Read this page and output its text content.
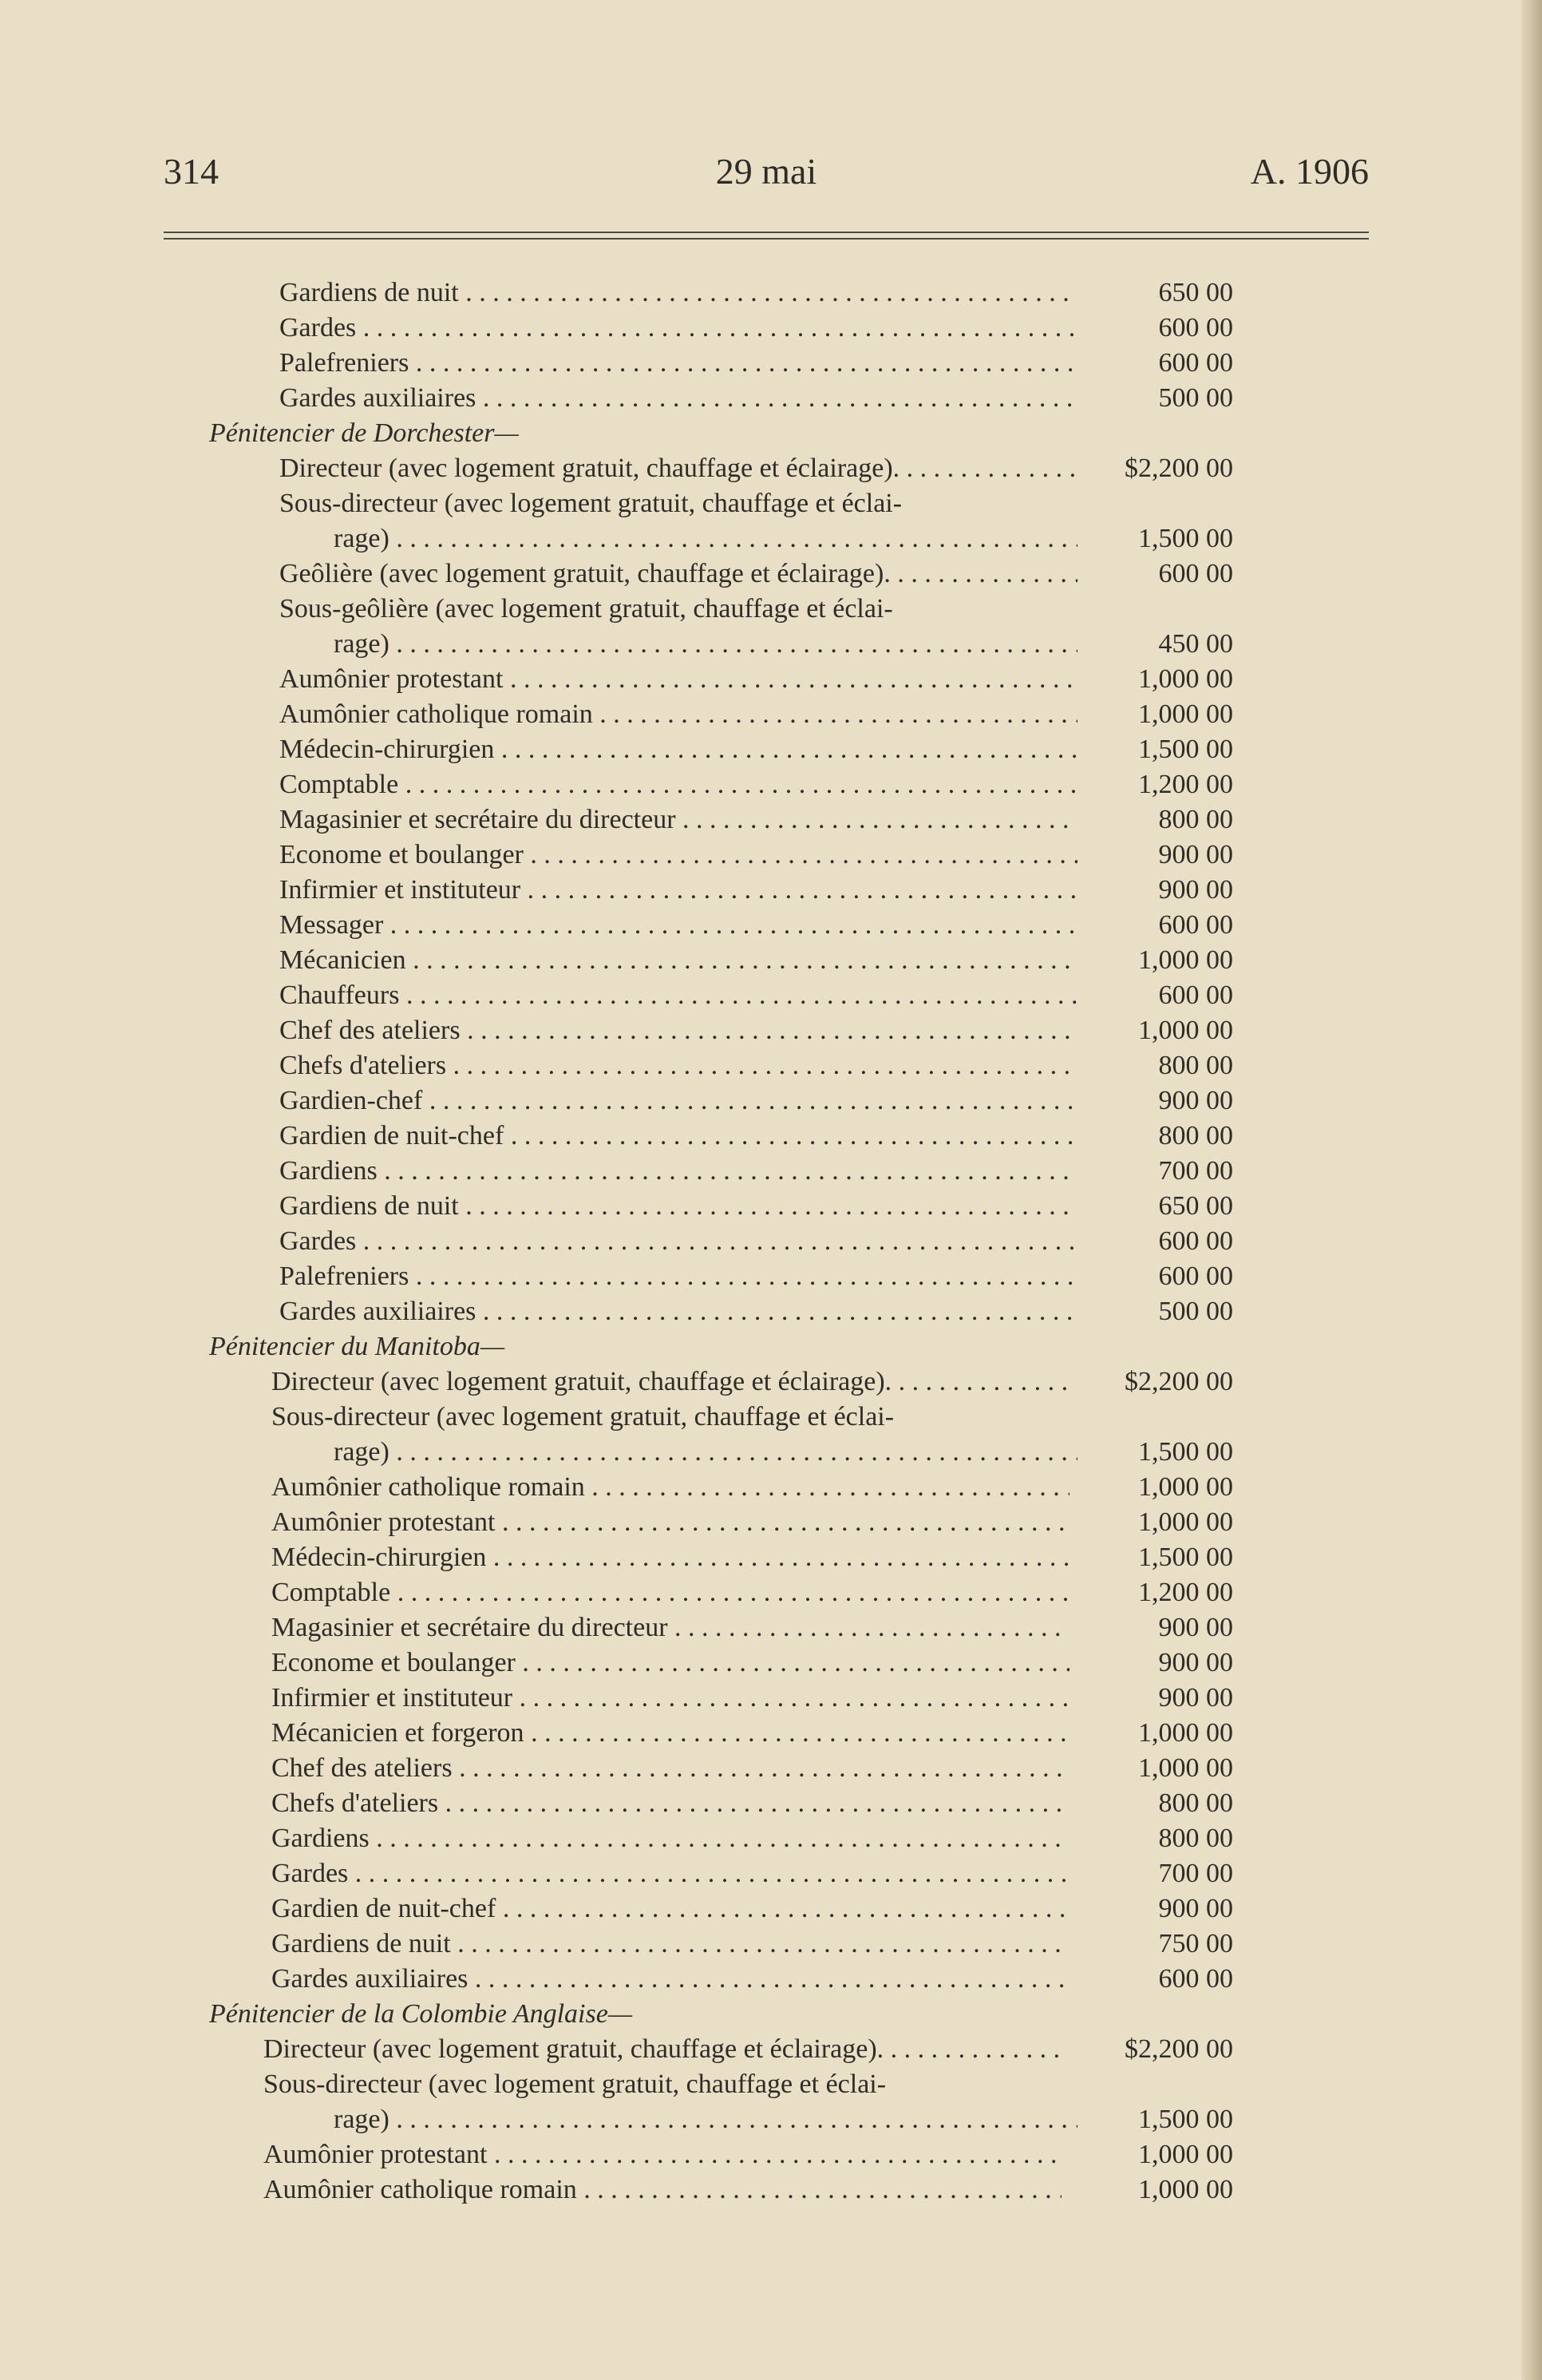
314	29 mai	A. 1906
Gardiens de nuit . . .	650 00
Gardes . . .	600 00
Palefreniers . . .	600 00
Gardes auxiliaires . . .	500 00
Pénitencier de Dorchester—
Directeur (avec logement gratuit, chauffage et éclairage). . . .	$2,200 00
Sous-directeur (avec logement gratuit, chauffage et éclai-
rage) . . .	1,500 00
Geôlière (avec logement gratuit, chauffage et éclairage). . . .	600 00
Sous-geôlière (avec logement gratuit, chauffage et éclai-
rage) . . .	450 00
Aumônier protestant . . .	1,000 00
Aumônier catholique romain . . .	1,000 00
Médecin-chirurgien . . .	1,500 00
Comptable . . .	1,200 00
Magasinier et secrétaire du directeur . . .	800 00
Econome et boulanger . . .	900 00
Infirmier et instituteur . . .	900 00
Messager . . .	600 00
Mécanicien . . .	1,000 00
Chauffeurs . . .	600 00
Chef des ateliers . . .	1,000 00
Chefs d'ateliers . . .	800 00
Gardien-chef . . .	900 00
Gardien de nuit-chef . . .	800 00
Gardiens . . .	700 00
Gardiens de nuit . . .	650 00
Gardes . . .	600 00
Palefreniers . . .	600 00
Gardes auxiliaires . . .	500 00
Pénitencier du Manitoba—
Directeur (avec logement gratuit, chauffage et éclairage). . . .	$2,200 00
Sous-directeur (avec logement gratuit, chauffage et éclai-
rage) . . .	1,500 00
Aumônier catholique romain . . .	1,000 00
Aumônier protestant . . .	1,000 00
Médecin-chirurgien . . .	1,500 00
Comptable . . .	1,200 00
Magasinier et secrétaire du directeur . . .	900 00
Econome et boulanger . . .	900 00
Infirmier et instituteur . . .	900 00
Mécanicien et forgeron . . .	1,000 00
Chef des ateliers . . .	1,000 00
Chefs d'ateliers . . .	800 00
Gardiens . . .	800 00
Gardes . . .	700 00
Gardien de nuit-chef . . .	900 00
Gardiens de nuit . . .	750 00
Gardes auxiliaires . . .	600 00
Pénitencier de la Colombie Anglaise—
Directeur (avec logement gratuit, chauffage et éclairage). . . .	$2,200 00
Sous-directeur (avec logement gratuit, chauffage et éclai-
rage) . . .	1,500 00
Aumônier protestant . . .	1,000 00
Aumônier catholique romain . . .	1,000 00
